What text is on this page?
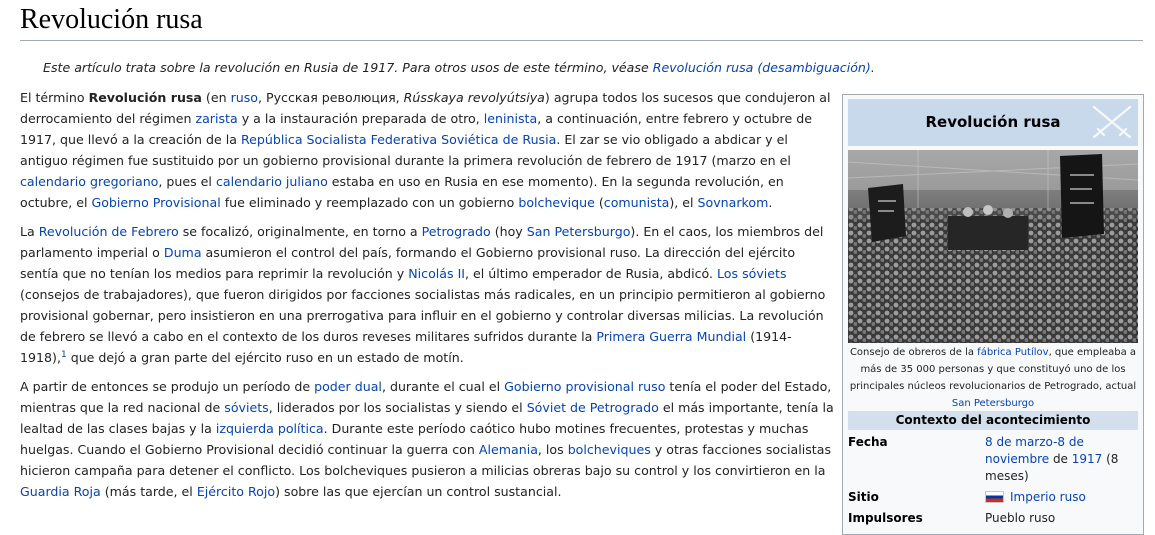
Revolución rusa
Este artículo trata sobre la revolución en Rusia de 1917. Para otros usos de este término, véase Revolución rusa (desambiguación).

El término Revolución rusa (en ruso, Русская революция, Rússkaya revolyútsiya) agrupa todos los sucesos que condujeron al derrocamiento del régimen zarista y a la instauración preparada de otro, leninista, a continuación, entre febrero y octubre de 1917, que llevó a la creación de la República Socialista Federativa Soviética de Rusia. El zar se vio obligado a abdicar y el antiguo régimen fue sustituido por un gobierno provisional durante la primera revolución de febrero de 1917 (marzo en el calendario gregoriano, pues el calendario juliano estaba en uso en Rusia en ese momento). En la segunda revolución, en octubre, el Gobierno Provisional fue eliminado y reemplazado con un gobierno bolchevique (comunista), el Sovnarkom.

La Revolución de Febrero se focalizó, originalmente, en torno a Petrogrado (hoy San Petersburgo). En el caos, los miembros del parlamento imperial o Duma asumieron el control del país, formando el Gobierno provisional ruso. La dirección del ejército sentía que no tenían los medios para reprimir la revolución y Nicolás II, el último emperador de Rusia, abdicó. Los sóviets (consejos de trabajadores), que fueron dirigidos por facciones socialistas más radicales, en un principio permitieron al gobierno provisional gobernar, pero insistieron en una prerrogativa para influir en el gobierno y controlar diversas milicias. La revolución de febrero se llevó a cabo en el contexto de los duros reveses militares sufridos durante la Primera Guerra Mundial (1914-1918),$^1$ que dejó a gran parte del ejército ruso en un estado de motín.

A partir de entonces se produjo un período de poder dual, durante el cual el Gobierno provisional ruso tenía el poder del Estado, mientras que la red nacional de sóviets, liderados por los socialistas y siendo el Sóviet de Petrogrado el más importante, tenía la lealtad de las clases bajas y la izquierda política. Durante este período caótico hubo motines frecuentes, protestas y muchas huelgas. Cuando el Gobierno Provisional decidió continuar la guerra con Alemania, los bolcheviques y otras facciones socialistas hicieron campaña para detener el conflicto. Los bolcheviques pusieron a milicias obreras bajo su control y los convirtieron en la Guardia Roja (más tarde, el Ejército Rojo) sobre las que ejercían un control sustancial.

Revolución rusa
Consejo de obreros de la fábrica Putílov, que empleaba a más de 35 000 personas y que constituyó uno de los principales núcleos revolucionarios de Petrogrado, actual San Petersburgo
Contexto del acontecimiento
Fecha	8 de marzo-8 de noviembre de 1917 (8 meses)
Sitio	Imperio ruso
Impulsores	Pueblo ruso
